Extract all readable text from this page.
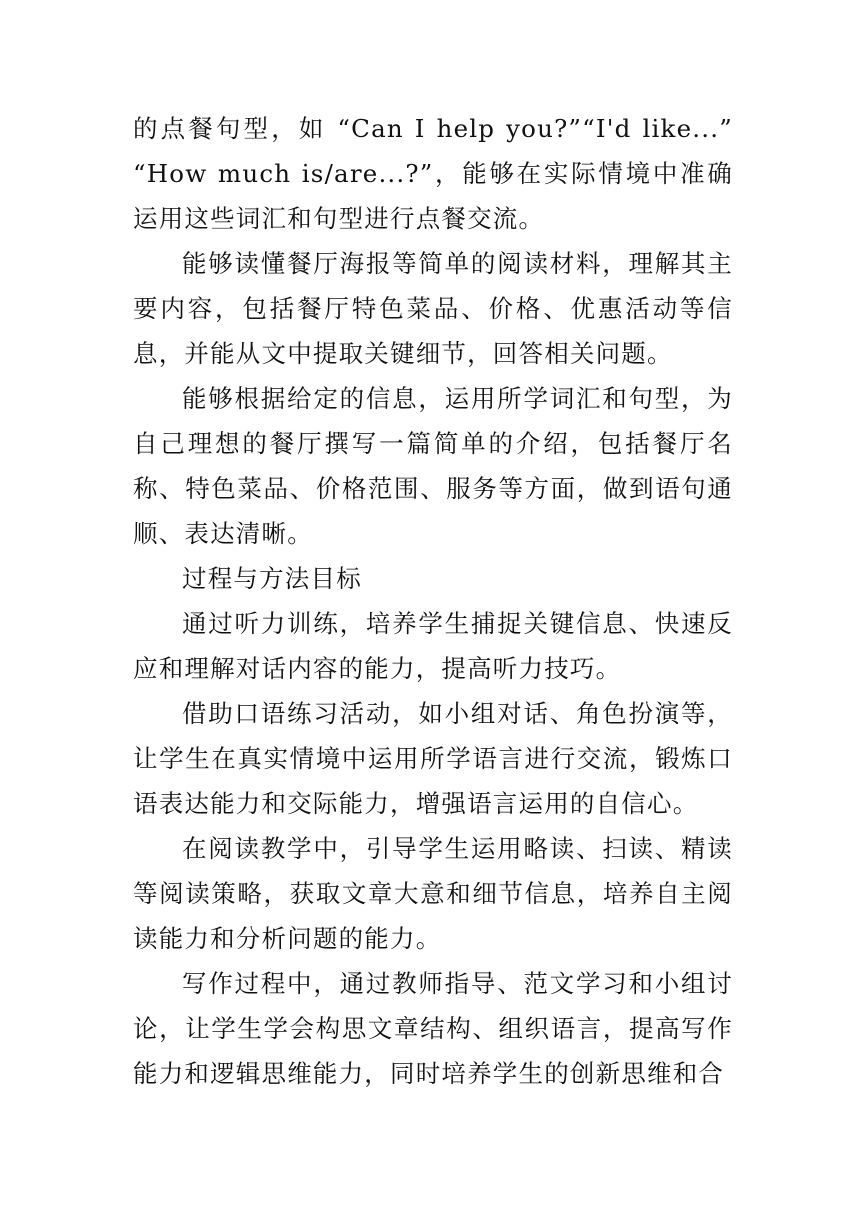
的点餐句型，如 “Can I help you?”“I'd like...” “How much is/are...?”，能够在实际情境中准确运用这些词汇和句型进行点餐交流。

能够读懂餐厅海报等简单的阅读材料，理解其主要内容，包括餐厅特色菜品、价格、优惠活动等信息，并能从文中提取关键细节，回答相关问题。

能够根据给定的信息，运用所学词汇和句型，为自己理想的餐厅撰写一篇简单的介绍，包括餐厅名称、特色菜品、价格范围、服务等方面，做到语句通顺、表达清晰。

过程与方法目标

通过听力训练，培养学生捕捉关键信息、快速反应和理解对话内容的能力，提高听力技巧。

借助口语练习活动，如小组对话、角色扮演等，让学生在真实情境中运用所学语言进行交流，锻炼口语表达能力和交际能力，增强语言运用的自信心。

在阅读教学中，引导学生运用略读、扫读、精读等阅读策略，获取文章大意和细节信息，培养自主阅读能力和分析问题的能力。

写作过程中，通过教师指导、范文学习和小组讨论，让学生学会构思文章结构、组织语言，提高写作能力和逻辑思维能力，同时培养学生的创新思维和合
